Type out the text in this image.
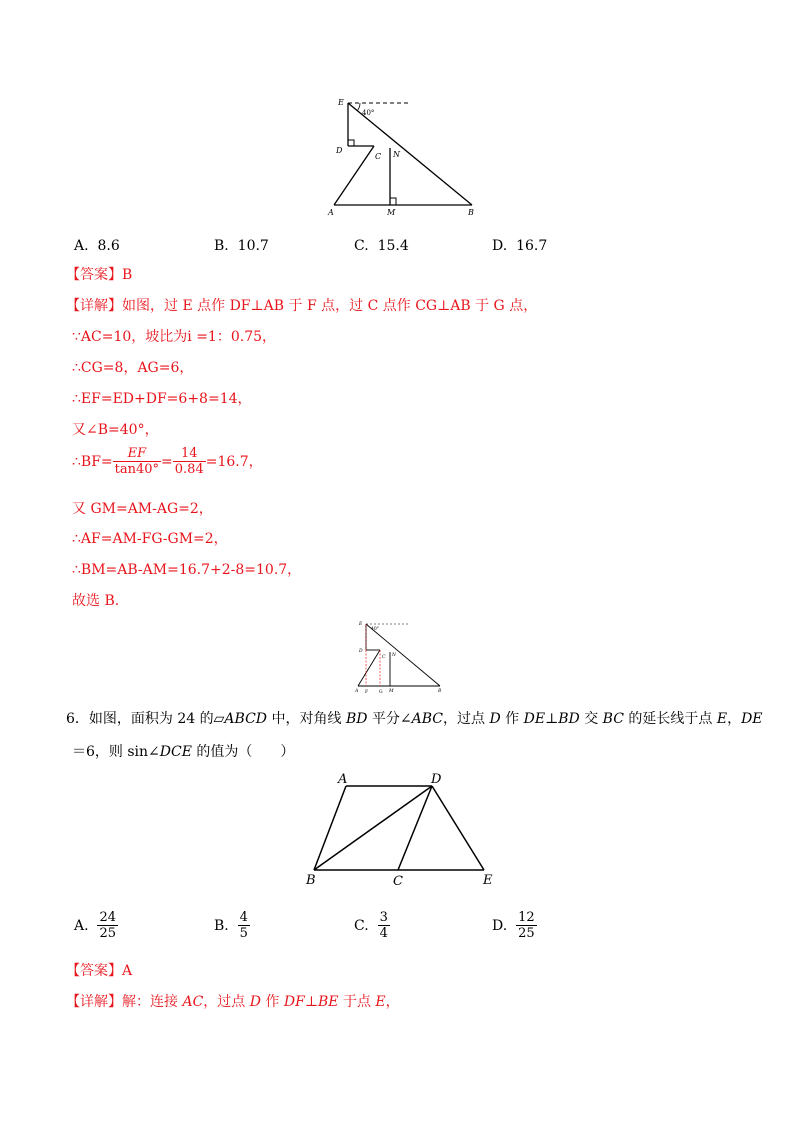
E
40°
D
C N
A	M	B
A. 8.6	B. 10.7	C. 15.4	D. 16.7
【答案】B
【详解】如图，过 E 点作 DF⊥AB 于 F 点，过 C 点作 CG⊥AB 于 G 点，
∵AC=10，坡比为i =1：0.75，
∴CG=8，AG=6，
∴EF=ED+DF=6+8=14，
又∠B=40°，
∴BF= $\frac{EF}{\tan 40^\circ} = \frac{14}{0.84} =16.7$，
又 GM=AM-AG=2，
∴AF=AM-FG-GM=2，
∴BM=AB-AM=16.7+2-8=10.7，
故选 B.
E
40°
D
C N
A F G M	B
6．如图，面积为 24 的▱ABCD 中，对角线 BD 平分∠ABC，过点 D 作 DE⊥BD 交 BC 的延长线于点 E，DE
＝6，则 sin∠DCE 的值为（　　）
A	D
B	C	E
A.
$\frac{24}{25}$	B.
$\frac{4}{5}$	C.
$\frac{3}{4}$	D.
$\frac{12}{25}$
【答案】A
【详解】解：连接 AC，过点 D 作 DF⊥BE 于点 E，
